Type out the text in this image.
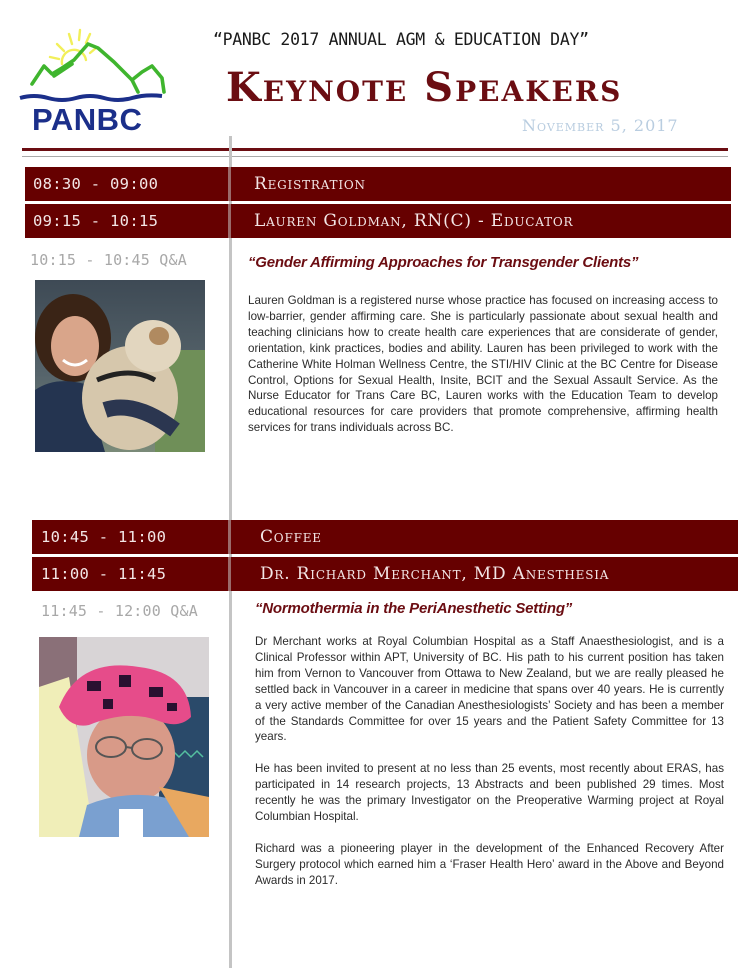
PANBC
“PANBC 2017 ANNUAL AGM & EDUCATION DAY”
Keynote Speakers
November 5, 2017
08:30 - 09:00	Registration
09:15 - 10:15	Lauren Goldman, RN(C) - Educator
10:15 - 10:45 Q&A	“Gender Affirming Approaches for Transgender Clients”

Lauren Goldman is a registered nurse whose practice has focused on increasing access to low-barrier, gender affirming care. She is particularly passionate about sexual health and teaching clinicians how to create health care experiences that are considerate of gender, orientation, kink practices, bodies and ability. Lauren has been privileged to work with the Catherine White Holman Wellness Centre, the STI/HIV Clinic at the BC Centre for Disease Control, Options for Sexual Health, Insite, BCIT and the Sexual Assault Service. As the Nurse Educator for Trans Care BC, Lauren works with the Education Team to develop educational resources for care providers that promote comprehensive, affirming health services for trans individuals across BC.

10:45 - 11:00	Coffee
11:00 - 11:45	Dr. Richard Merchant, MD Anesthesia
11:45 - 12:00 Q&A	“Normothermia in the PeriAnesthetic Setting”

Dr Merchant works at Royal Columbian Hospital as a Staff Anaesthesiologist, and is a Clinical Professor within APT, University of BC. His path to his current position has taken him from Vernon to Vancouver from Ottawa to New Zealand, but we are really pleased he settled back in Vancouver in a career in medicine that spans over 40 years. He is currently a very active member of the Canadian Anesthesiologists’ Society and has been a member of the Standards Committee for over 15 years and the Patient Safety Committee for 13 years.

He has been invited to present at no less than 25 events, most recently about ERAS, has participated in 14 research projects, 13 Abstracts and been published 29 times. Most recently he was the primary Investigator on the Preoperative Warming project at Royal Columbian Hospital.

Richard was a pioneering player in the development of the Enhanced Recovery After Surgery protocol which earned him a ‘Fraser Health Hero’ award in the Above and Beyond Awards in 2017.
